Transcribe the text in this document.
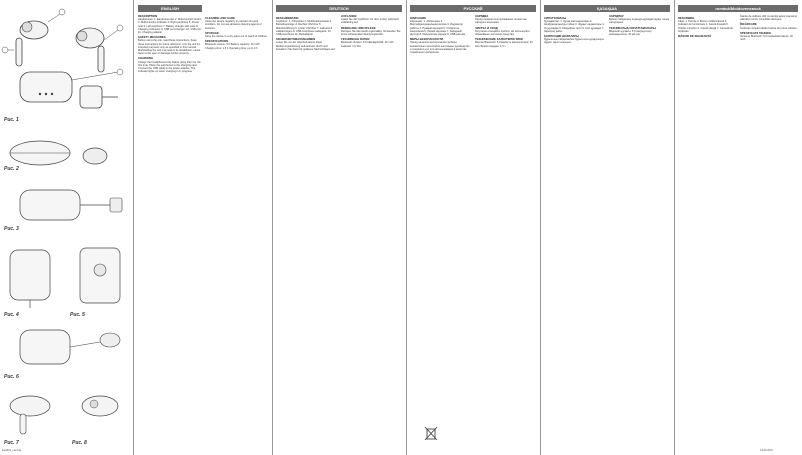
Рис. 1
Рис. 2
Рис. 3
Рис. 4	Рис. 5
Рис. 6
Рис. 7	Рис. 8
ENGLISH
DESCRIPTION
Headphones: 1. Earphones tips 2. Multi-function button 3. Multi-function indicator 4. Right earphone 5. Power hole 6. Left earphone 7. Battery charger with case 8. Charging indicators 9. USB port Charger: 10. USB port 11. Charging adapter
SAFETY MEASURES
Before using the unit, read these instructions. Keep these instructions for future reference. Use the unit for intended purposes only as specified in this manual. Mishandling the unit may lead to its breakdown, cause harm to the user or damage his/her property.
CHARGING
Charge the headphones fully before using them for the first time. Place the earphones in the charging case. Connect the USB cable to the power adapter. The indicator lights up when charging is in progress.
CLEANING AND CARE
Clean the device regularly to maintain its good condition. Do not use abrasive cleaning agents or solvents.
STORAGE
Store the device in a dry place out of reach of children.
SPECIFICATIONS
Bluetooth version: 5.0 Battery capacity: 40 mAh Charging time: 1.5 h Operating time: up to 4 h
DEUTSCH
BESCHREIBUNG
Kopfhörer: 1. Ohrpolster 2. Multifunktionstaste 3. Betriebsanzeige 4. Rechter Ohrhörer 5. Mikrofonöffnung 6. Linker Ohrhörer 7. Ladeetui 8. Ladeanzeigen 9. USB-Anschluss Ladegerät: 10. USB-Anschluss 11. Netzadapter
SICHERHEITSMASSNAHMEN
Lesen Sie vor der Inbetriebnahme diese Bedienungsanleitung aufmerksam durch und bewahren Sie diese für späteres Nachschlagen auf.
AUFLADEN
Laden Sie die Kopfhörer vor dem ersten Gebrauch vollständig auf.
REINIGUNG UND PFLEGE
Reinigen Sie das Gerät regelmäßig. Verwenden Sie keine scheuernden Reinigungsmittel.
TECHNISCHE DATEN
Bluetooth-Version: 5.0 Akkukapazität: 40 mAh Ladezeit: 1,5 Std.
РУССКИЙ
ОПИСАНИЕ
Наушники: 1. Амбушюры 2. Многофункциональная кнопка 3. Индикатор работы 4. Правый наушник 5. Отверстие микрофона 6. Левый наушник 7. Зарядный футляр 8. Индикаторы заряда 9. USB-разъём
МЕРЫ БЕЗОПАСНОСТИ
Перед началом эксплуатации прибора внимательно прочитайте настоящее руководство и сохраните его для использования в качестве справочного материала.
ЗАРЯДКА
Перед первым использованием полностью зарядите наушники.
ЧИСТКА И УХОД
Регулярно очищайте прибор. Не используйте абразивные чистящие средства.
ТЕХНИЧЕСКИЕ ХАРАКТЕРИСТИКИ
Версия Bluetooth: 5.0 Ёмкость аккумулятора: 40 мАч Время зарядки: 1,5 ч
ҚАЗАҚША
СИПАТТАМАСЫ
Құлаққаптар: 1. Құлақ жастықшалары 2. Көпфункционалды түйме 3. Жұмыс индикаторы 4. Оң құлаққап 5. Микрофон тесігі 6. Сол құлаққап 7. Зарядтау қабы
ҚАУІПСІЗДІК ШАРАЛАРЫ
Құрылғыны пайдаланбас бұрын осы нұсқаулықты мұқият оқып шығыңыз.
ЗАРЯДТАУ
Бірінші пайдалану алдында құлаққаптарды толық зарядтаңыз.
ТЕХНИКАЛЫҚ СИПАТТАМАЛАРЫ
Bluetooth нұсқасы: 5.0 Аккумулятор сыйымдылығы: 40 мА·сағ
română/Moldovenească
DESCRIERE
Căști: 1. Pernițe 2. Buton multifuncțional 3. Indicator de funcționare 4. Cască dreaptă 5. Orificiu microfon 6. Cască stângă 7. Carcasă de încărcare
MĂSURI DE SIGURANȚĂ
Înainte de utilizare citiți cu atenție acest manual și păstrați-l pentru consultări ulterioare.
ÎNCĂRCARE
Încărcați complet căștile înainte de prima utilizare.
SPECIFICAȚII TEHNICE
Versiune Bluetooth: 5.0 Capacitate baterie: 40 mAh
EH-B01_manual	13.09.2021
